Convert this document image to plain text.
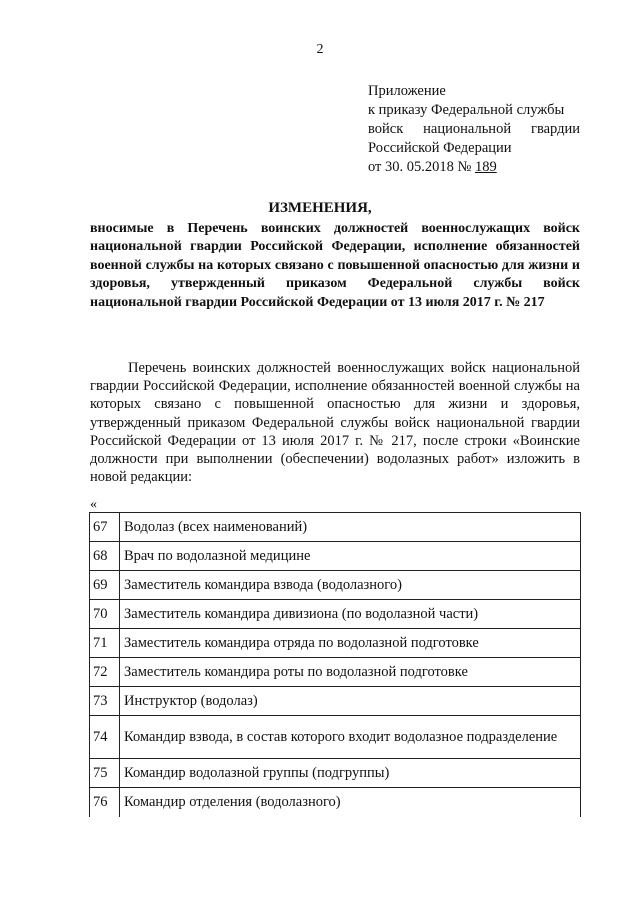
2
Приложение
к приказу Федеральной службы
войск национальной гвардии
Российской Федерации
от 30. 05.2018 № 189
ИЗМЕНЕНИЯ,
вносимые в Перечень воинских должностей военнослужащих войск национальной гвардии Российской Федерации, исполнение обязанностей военной службы на которых связано с повышенной опасностью для жизни и здоровья, утвержденный приказом Федеральной службы войск национальной гвардии Российской Федерации от 13 июля 2017 г. № 217
Перечень воинских должностей военнослужащих войск национальной гвардии Российской Федерации, исполнение обязанностей военной службы на которых связано с повышенной опасностью для жизни и здоровья, утвержденный приказом Федеральной службы войск национальной гвардии Российской Федерации от 13 июля 2017 г. № 217, после строки «Воинские должности при выполнении (обеспечении) водолазных работ» изложить в новой редакции:
«
67	Водолаз (всех наименований)
68	Врач по водолазной медицине
69	Заместитель командира взвода (водолазного)
70	Заместитель командира дивизиона (по водолазной части)
71	Заместитель командира отряда по водолазной подготовке
72	Заместитель командира роты по водолазной подготовке
73	Инструктор (водолаз)
74	Командир взвода, в состав которого входит водолазное подразделение
75	Командир водолазной группы (подгруппы)
76	Командир отделения (водолазного)
